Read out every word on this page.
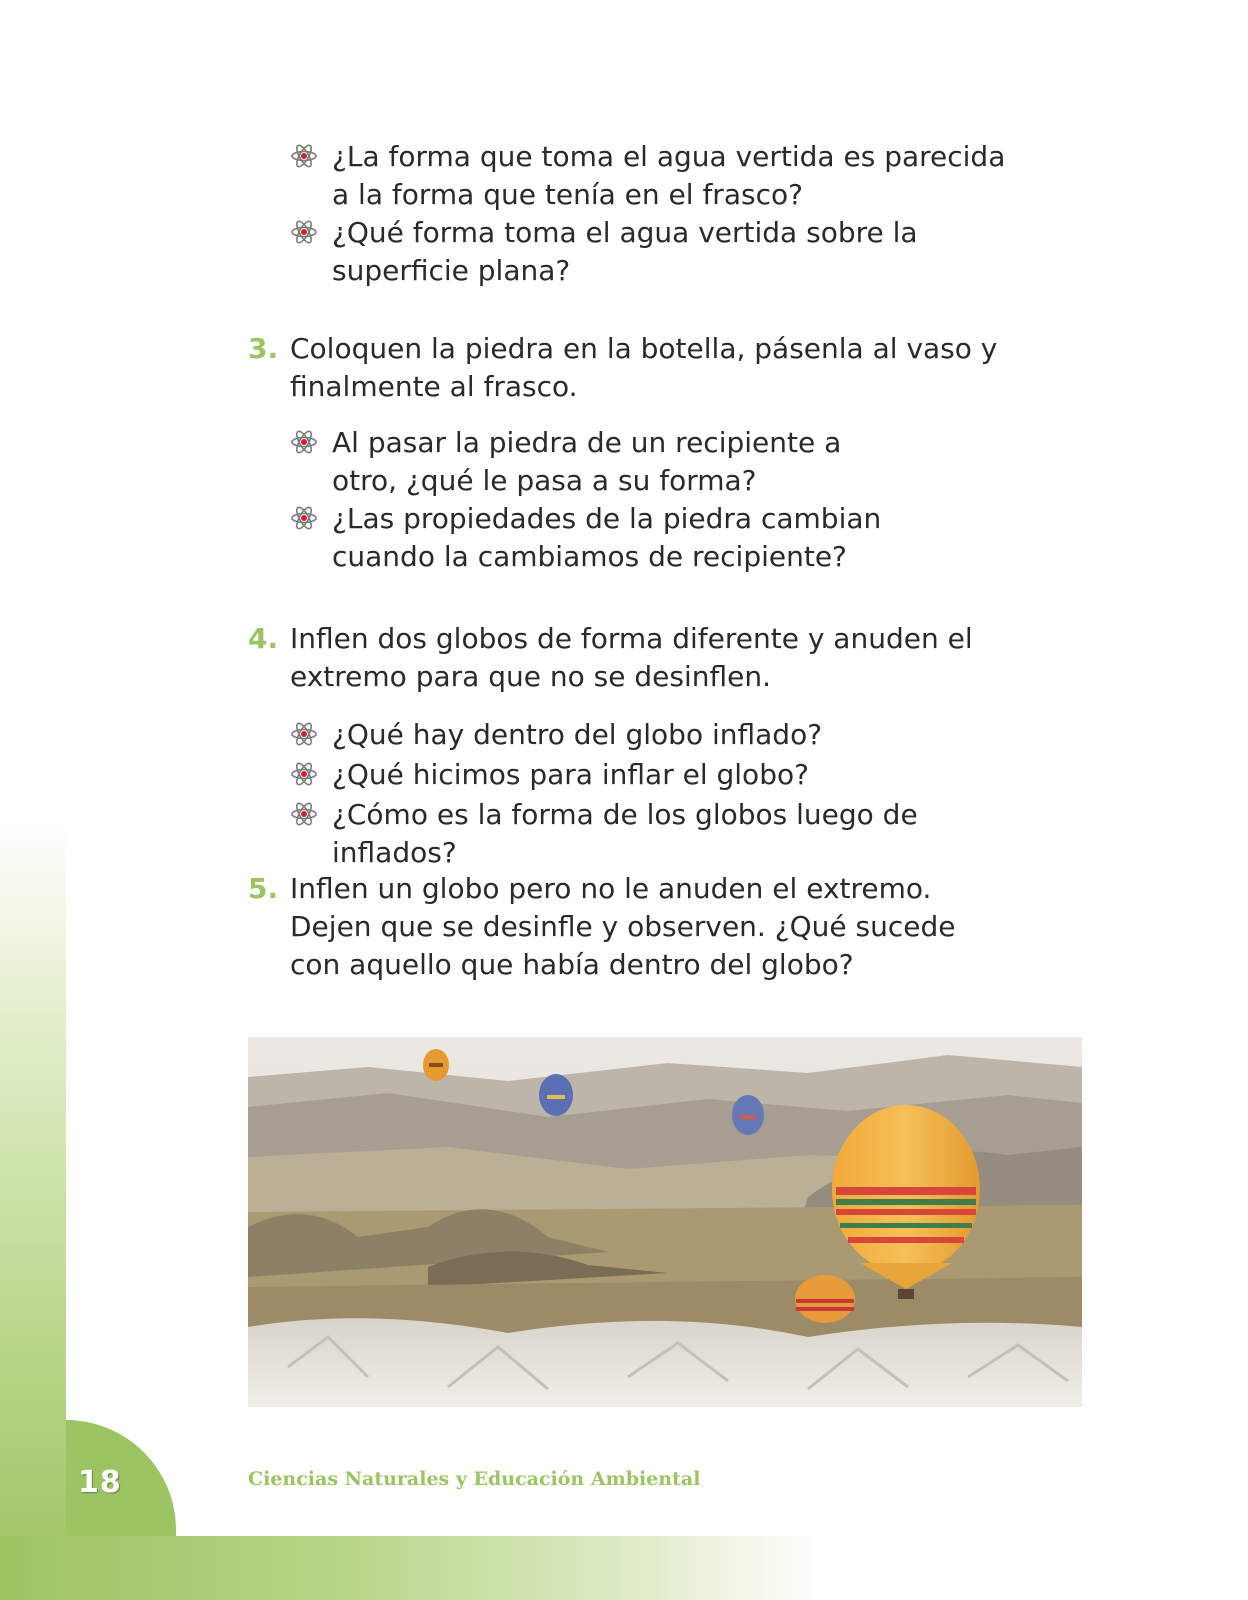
18	Ciencias Naturales y Educación Ambiental
¿La forma que toma el agua vertida es parecida a la forma que tenía en el frasco?
¿Qué forma toma el agua vertida sobre la superficie plana?
3. Coloquen la piedra en la botella, pásenla al vaso y finalmente al frasco.
Al pasar la piedra de un recipiente a otro, ¿qué le pasa a su forma?
¿Las propiedades de la piedra cambian cuando la cambiamos de recipiente?
4. Inflen dos globos de forma diferente y anuden el extremo para que no se desinflen.
¿Qué hay dentro del globo inflado?
¿Qué hicimos para inflar el globo?
¿Cómo es la forma de los globos luego de inflados?
5. Inflen un globo pero no le anuden el extremo. Dejen que se desinfle y observen. ¿Qué sucede con aquello que había dentro del globo?
